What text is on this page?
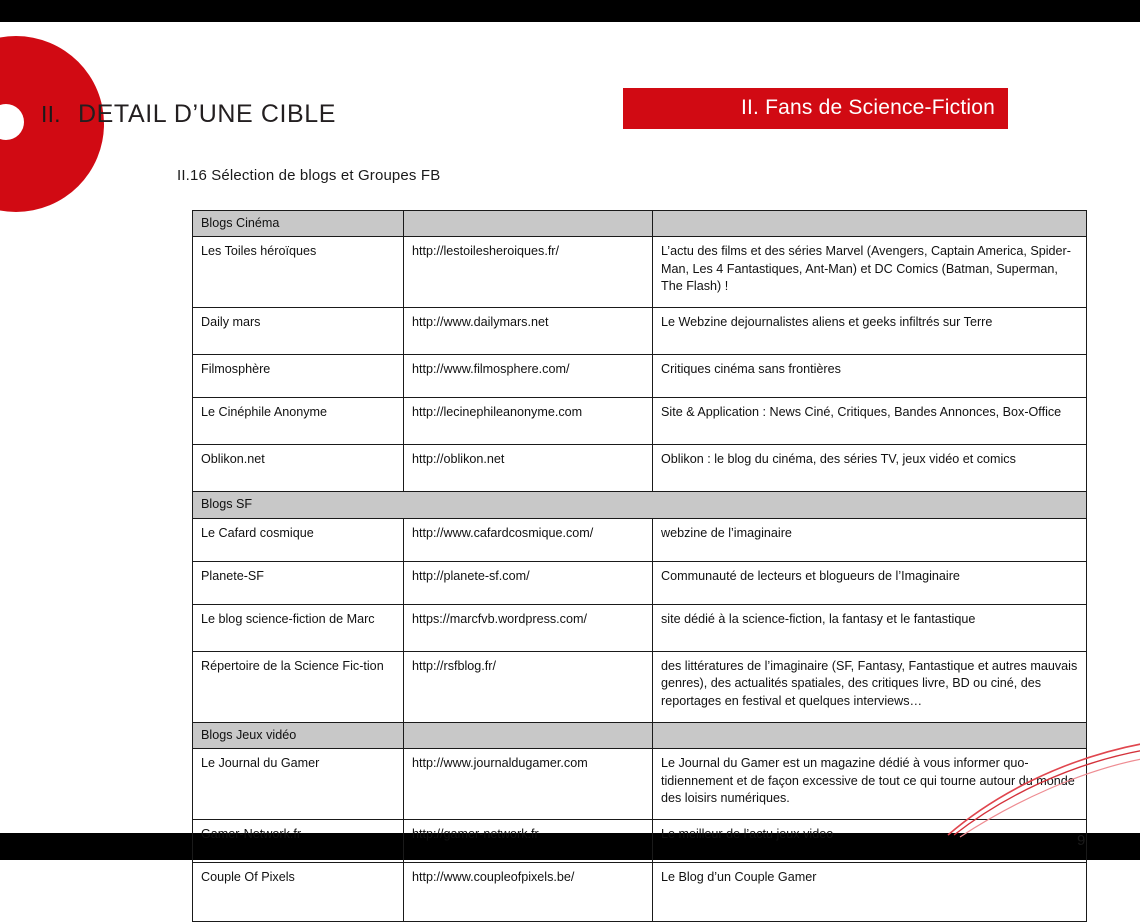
II. DETAIL D’UNE CIBLE	II. Fans de Science-Fiction
II.16 Sélection de blogs et Groupes FB
Blogs Cinéma		
Les Toiles héroïques	http://lestoilesheroiques.fr/	L’actu des films et des séries Marvel (Avengers, Captain America, Spider-Man, Les 4 Fantastiques, Ant-Man) et DC Comics (Batman, Superman, The Flash) !
Daily mars	http://www.dailymars.net	Le Webzine dejournalistes aliens et geeks infiltrés sur Terre
Filmosphère	http://www.filmosphere.com/	Critiques cinéma sans frontières
Le Cinéphile Anonyme	http://lecinephileanonyme.com	Site & Application : News Ciné, Critiques, Bandes Annonces, Box-Office
Oblikon.net	http://oblikon.net	Oblikon : le blog du cinéma, des séries TV, jeux vidéo et comics
Blogs SF		
Le Cafard cosmique	http://www.cafardcosmique.com/	webzine de l’imaginaire
Planete-SF	http://planete-sf.com/	Communauté de lecteurs et blogueurs de l’Imaginaire
Le blog science-fiction de Marc	https://marcfvb.wordpress.com/	site dédié à la science-fiction, la fantasy et le fantastique
Répertoire de la Science Fic-tion	http://rsfblog.fr/	des littératures de l’imaginaire (SF, Fantasy, Fantastique et autres mauvais genres), des actualités spatiales, des critiques livre, BD ou ciné, des reportages en festival et quelques interviews…
Blogs Jeux vidéo		
Le Journal du Gamer	http://www.journaldugamer.com	Le Journal du Gamer est un magazine dédié à vous informer quo-tidiennement et de façon excessive de tout ce qui tourne autour du monde des loisirs numériques.
Gamer-Network.fr	http://gamer-network.fr	Le meilleur de l’actu jeux video
Couple Of Pixels	http://www.coupleofpixels.be/	Le Blog d’un Couple Gamer
9
